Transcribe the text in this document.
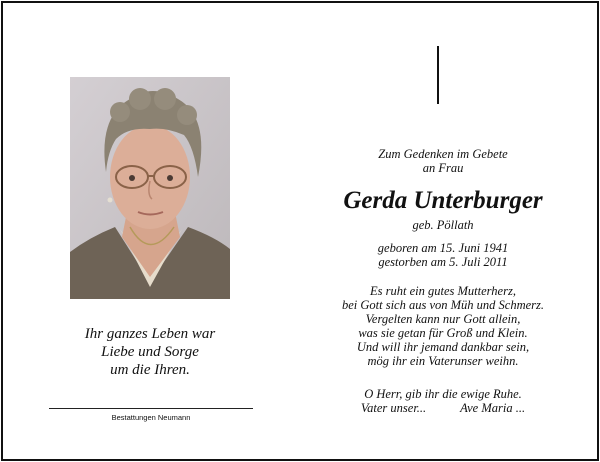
Ihr ganzes Leben war
Liebe und Sorge
um die Ihren.
Bestattungen Neumann
Zum Gedenken im Gebete
an Frau
Gerda Unterburger
geb. Pöllath
geboren am 15. Juni 1941
gestorben am 5. Juli 2011
Es ruht ein gutes Mutterherz,
bei Gott sich aus von Müh und Schmerz.
Vergelten kann nur Gott allein,
was sie getan für Groß und Klein.
Und will ihr jemand dankbar sein,
mög ihr ein Vaterunser weihn.
O Herr, gib ihr die ewige Ruhe.
Vater unser...	Ave Maria ...
